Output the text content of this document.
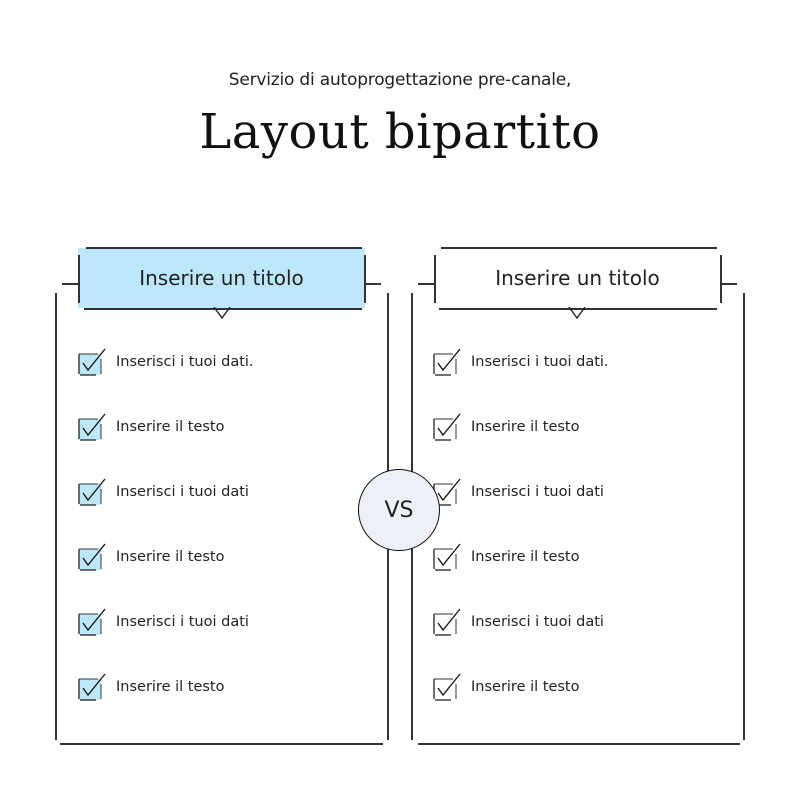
Servizio di autoprogettazione pre-canale,
Layout bipartito
Inserire un titolo
Inserisci i tuoi dati.
Inserire il testo
Inserisci i tuoi dati
Inserire il testo
Inserisci i tuoi dati
Inserire il testo
Inserire un titolo
Inserisci i tuoi dati.
Inserire il testo
Inserisci i tuoi dati
Inserire il testo
Inserisci i tuoi dati
Inserire il testo
VS
